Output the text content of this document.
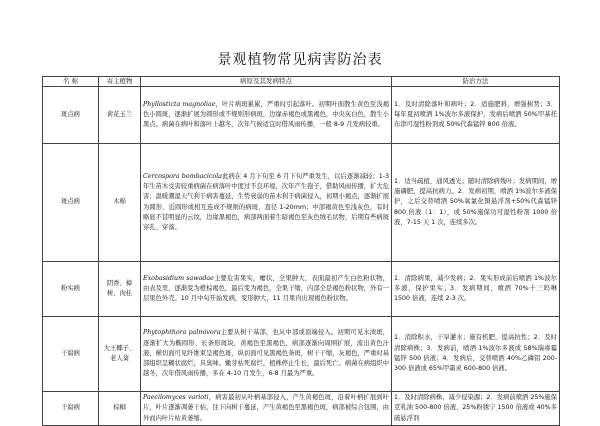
景观植物常见病害防治表
名 称	寄主植物	病原及其发病特点	防治方法
斑点病	荷花玉兰	Phyllosticta magnoliae，叶片病斑累累，严重时引起落叶。初期叶面散生黄色至浅褐色小圆斑，逐渐扩展为圆形或不规则形病斑，边缘赤褐色或黑褐色，中央灰白色，散生小黑点。病菌在病叶和落叶上越冬，次年气候适宜时借风雨传播，一般 8-9 月发病较重。	1．及时清除落叶和病叶；2．适施肥料，增强树势；3．每年夏初喷洒 1%波尔多液保护，发病后喷洒 50%甲基托布津可湿性粉剂或 50%代森锰锌 800 倍液。
斑点病	木棉	Cercospora bombacicola此病在 4 月下旬至 6 月下旬严重发生，以后逐渐减轻；1-3 年生苗木受害较重病菌在病落叶中度过不良环境，次年产生孢子，借助风雨传播，扩大危害；温暖潮湿天气利于病害蔓延，生势衰弱的苗木利于病菌侵入，初期小褐点，逐渐扩展为圆形、近圆形或相互连成不规则的病斑，直径 1-20mm；中部褐黄色至浅灰色，有时略显不甚明显的云纹，边缘黑褐色，病部两面着生暗褐色至灰色绒毛状物，后期有些病斑穿孔、穿落。	1．适当疏植，通风透光；随时清除病残叶；发病期间，增施磷肥，提高抗病力。2．发病初期，喷洒 1%波尔多液保护，之后交替喷洒 50%氧氯化铜悬浮剂+50%代森锰锌 800 倍液（1：1），或 50%施保功可湿性粉剂 1000 倍液，7-15 天 1 次，连续多次。
粉实病	阴香、樟树、肉桂	Exobasidium sawadae主要危害果实，瘿状，全果肿大，表面最初产生白色粉状物，由表及里，逐渐变为橙棕褐色，最后变为褐色，全果干缩，内部全是褐色粉状物，外有一层果色外壳。10 月中旬开始发病，变形肿大，11 月果内出现褐色粉状物。	1．清除病果，减少发病；2．果实形成前后喷洒 1%波尔多液，保护果实；3．发病期间，喷洒 70%十三吗啉 1500 倍液，连续 2-3 次。
干腐病	大王椰子、老人葵	Phytophthora palmivora主要从树干基部，也从中部或顶端侵入。初期可见水渍斑，逐渐扩大为椭圆形、长条形斑块，黄褐色至黑褐色，病部逐渐向周围扩展，流出黄色汁液，横切面可见纤维束呈褐色斑，纵切面可见黑褐色条斑，树干干缩，灰褐色，严重时基部组织呈糊状腐烂，具臭味。嫩芽枯死腐烂，植株停止生长，最后死亡。病菌在病组织中越冬，次年借风雨传播，多在 4-10 月发生，6-8 月最为严重。	1．消除积水，干旱灌水；施有机肥，提高抗性；2．及时清除病株；3．发病前，喷洒 1%波尔多液或 58%瑞毒霉锰锌 500 倍液；4．发病后，交替喷洒 40%乙磷铝 200-300 倍液或 65%甲霜灵 600-800 倍液。
干腐病	棕榈	Paecilomyces varioti，病害最初从叶柄基部侵入，产生黄褐色斑，沿着叶柄扩展到叶片，叶片逐渐凋萎干枯，往下向树干蔓延，产生黄褐色至黑褐色斑，病部被综合包围，由外而内叶片枯黄萎缩。	1．及时清除病株，减少侵染源；2．发病前喷洒 25%施保克乳油 500-800 倍液、25%粉锈宁 1500 倍液或 40%多硫悬浮剂
